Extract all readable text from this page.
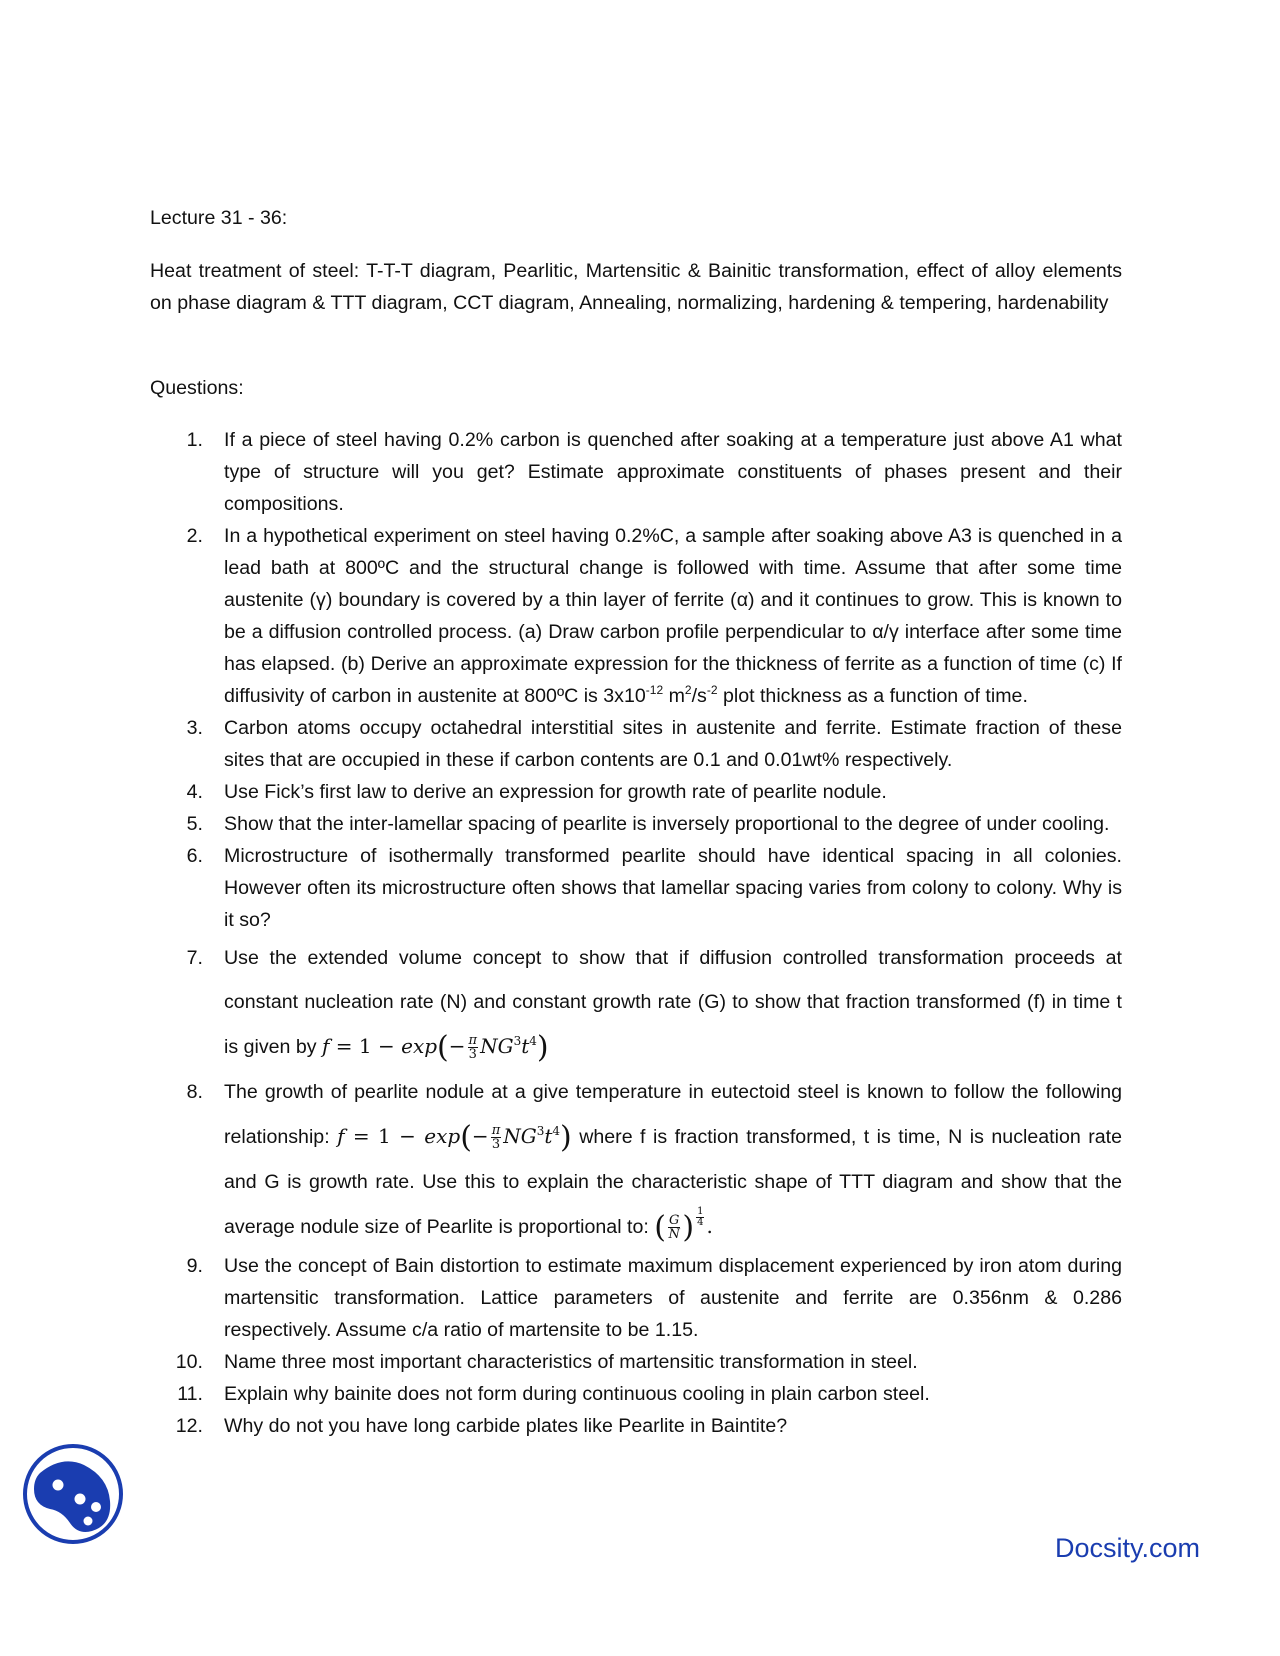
Lecture 31 - 36:
Heat treatment of steel: T-T-T diagram, Pearlitic, Martensitic & Bainitic transformation, effect of alloy elements on phase diagram & TTT diagram, CCT diagram, Annealing, normalizing, hardening & tempering, hardenability
Questions:
1. If a piece of steel having 0.2% carbon is quenched after soaking at a temperature just above A1 what type of structure will you get? Estimate approximate constituents of phases present and their compositions.
2. In a hypothetical experiment on steel having 0.2%C, a sample after soaking above A3 is quenched in a lead bath at 800ºC and the structural change is followed with time. Assume that after some time austenite (γ) boundary is covered by a thin layer of ferrite (α) and it continues to grow. This is known to be a diffusion controlled process. (a) Draw carbon profile perpendicular to α/γ interface after some time has elapsed. (b) Derive an approximate expression for the thickness of ferrite as a function of time (c) If diffusivity of carbon in austenite at 800ºC is $3x10^{-12}$ $m^2/s^{-2}$ plot thickness as a function of time.
3. Carbon atoms occupy octahedral interstitial sites in austenite and ferrite. Estimate fraction of these sites that are occupied in these if carbon contents are 0.1 and 0.01wt% respectively.
4. Use Fick’s first law to derive an expression for growth rate of pearlite nodule.
5. Show that the inter-lamellar spacing of pearlite is inversely proportional to the degree of under cooling.
6. Microstructure of isothermally transformed pearlite should have identical spacing in all colonies. However often its microstructure often shows that lamellar spacing varies from colony to colony. Why is it so?
7. Use the extended volume concept to show that if diffusion controlled transformation proceeds at constant nucleation rate (N) and constant growth rate (G) to show that fraction transformed (f) in time t is given by $f = 1 - \exp(- \frac{\pi}{3} NG^3t^4)$
8. The growth of pearlite nodule at a give temperature in eutectoid steel is known to follow the following relationship: $f = 1 - \exp(- \frac{\pi}{3} NG^3t^4)$ where f is fraction transformed, t is time, N is nucleation rate and G is growth rate. Use this to explain the characteristic shape of TTT diagram and show that the average nodule size of Pearlite is proportional to: ( $\frac{G}{N}$ ) $^{\frac{1}{4}}$ .
9. Use the concept of Bain distortion to estimate maximum displacement experienced by iron atom during martensitic transformation. Lattice parameters of austenite and ferrite are 0.356nm & 0.286 respectively. Assume c/a ratio of martensite to be 1.15.
10. Name three most important characteristics of martensitic transformation in steel.
11. Explain why bainite does not form during continuous cooling in plain carbon steel.
12. Why do not you have long carbide plates like Pearlite in Baintite?
Docsity.com
